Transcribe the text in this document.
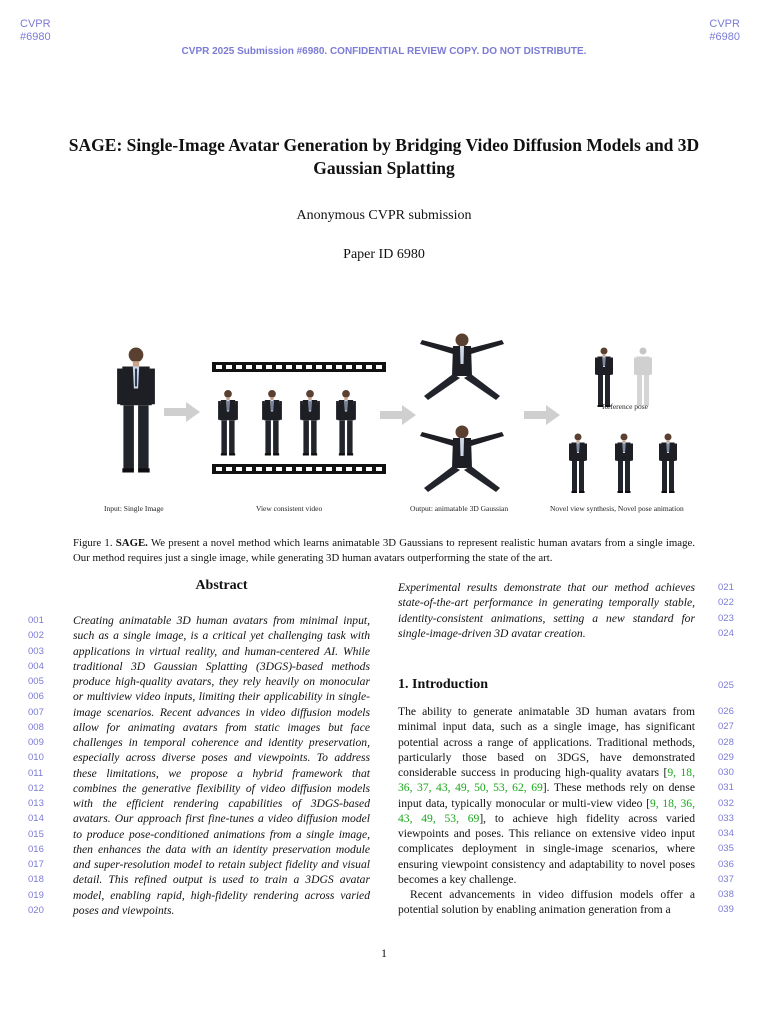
CVPR
#6980
CVPR
#6980
CVPR 2025 Submission #6980. CONFIDENTIAL REVIEW COPY. DO NOT DISTRIBUTE.
SAGE: Single-Image Avatar Generation by Bridging Video Diffusion Models and 3D Gaussian Splatting
Anonymous CVPR submission
Paper ID 6980
Input: Single Image	View consistent video	Output: animatable 3D Gaussian
Reference pose
Novel view synthesis, Novel pose animation
Figure 1. SAGE. We present a novel method which learns animatable 3D Gaussians to represent realistic human avatars from a single image. Our method requires just a single image, while generating 3D human avatars outperforming the state of the art.
Abstract
001
002
003
004
005
006
007
008
009
010
011
012
013
014
015
016
017
018
019
020
Creating animatable 3D human avatars from minimal input, such as a single image, is a critical yet challenging task with applications in virtual reality, and human-centered AI. While traditional 3D Gaussian Splatting (3DGS)-based methods produce high-quality avatars, they rely heavily on monocular or multiview video inputs, limiting their applicability in single-image scenarios. Recent advances in video diffusion models allow for animating avatars from static images but face challenges in temporal coherence and identity preservation, especially across diverse poses and viewpoints. To address these limitations, we propose a hybrid framework that combines the generative flexibility of video diffusion models with the efficient rendering capabilities of 3DGS-based avatars. Our approach first fine-tunes a video diffusion model to produce pose-conditioned animations from a single image, then enhances the data with an identity preservation module and super-resolution model to retain subject fidelity and visual detail. This refined output is used to train a 3DGS avatar model, enabling rapid, high-fidelity rendering across varied poses and viewpoints.
Experimental results demonstrate that our method achieves state-of-the-art performance in generating temporally stable, identity-consistent animations, setting a new standard for single-image-driven 3D avatar creation.
021
022
023
024
1. Introduction	025

The ability to generate animatable 3D human avatars from minimal input data, such as a single image, has significant potential across a range of applications. Traditional methods, particularly those based on 3DGS, have demonstrated considerable success in producing high-quality avatars [9, 18, 36, 37, 43, 49, 50, 53, 62, 69]. These methods rely on dense input data, typically monocular or multi-view video [9, 18, 36, 43, 49, 53, 69], to achieve high fidelity across varied viewpoints and poses. This reliance on extensive video input complicates deployment in single-image scenarios, where ensuring viewpoint consistency and adaptability to novel poses becomes a key challenge.

Recent advancements in video diffusion models offer a potential solution by enabling animation generation from a

026
027
028
029
030
031
032
033
034
035
036
037
038
039
1
